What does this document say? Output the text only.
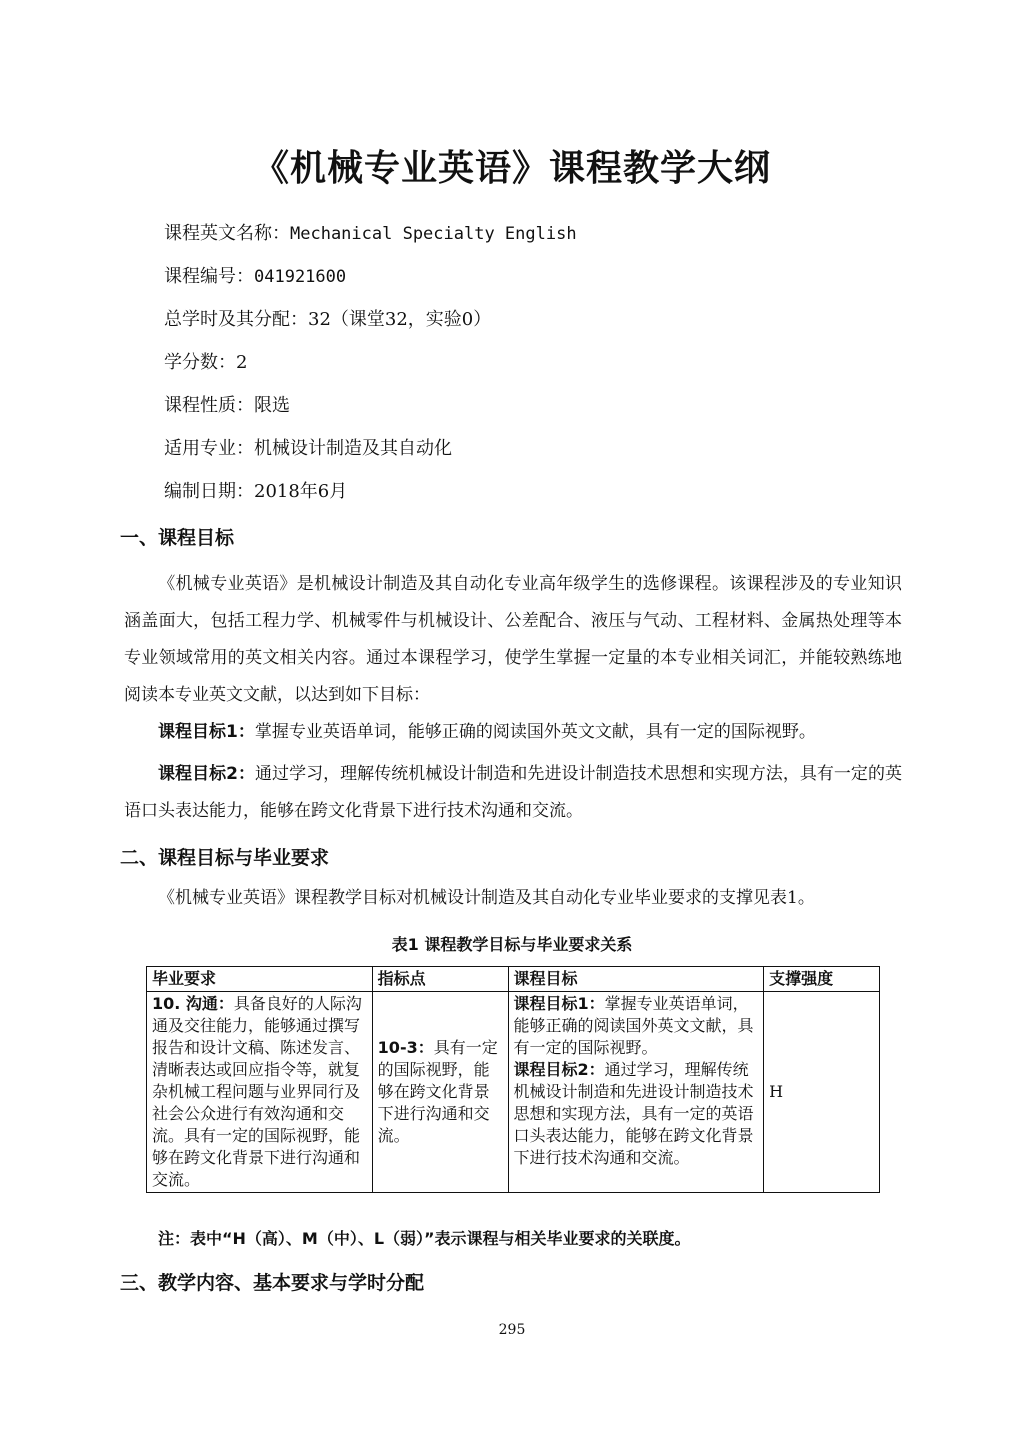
《机械专业英语》课程教学大纲
课程英文名称：Mechanical Specialty English
课程编号：041921600
总学时及其分配：32（课堂32，实验0）
学分数：2
课程性质：限选
适用专业：机械设计制造及其自动化
编制日期：2018年6月
一、课程目标
《机械专业英语》是机械设计制造及其自动化专业高年级学生的选修课程。该课程涉及的专业知识涵盖面大，包括工程力学、机械零件与机械设计、公差配合、液压与气动、工程材料、金属热处理等本专业领域常用的英文相关内容。通过本课程学习，使学生掌握一定量的本专业相关词汇，并能较熟练地阅读本专业英文文献，以达到如下目标：
课程目标1：掌握专业英语单词，能够正确的阅读国外英文文献，具有一定的国际视野。
课程目标2：通过学习，理解传统机械设计制造和先进设计制造技术思想和实现方法，具有一定的英语口头表达能力，能够在跨文化背景下进行技术沟通和交流。
二、课程目标与毕业要求
《机械专业英语》课程教学目标对机械设计制造及其自动化专业毕业要求的支撑见表1。
表1 课程教学目标与毕业要求关系
毕业要求	指标点	课程目标	支撑强度
10. 沟通：具备良好的人际沟通及交往能力，能够通过撰写报告和设计文稿、陈述发言、清晰表达或回应指令等，就复杂机械工程问题与业界同行及社会公众进行有效沟通和交流。具有一定的国际视野，能够在跨文化背景下进行沟通和交流。	10-3：具有一定的国际视野，能够在跨文化背景下进行沟通和交流。	课程目标1：掌握专业英语单词，能够正确的阅读国外英文文献，具有一定的国际视野。
课程目标2：通过学习，理解传统机械设计制造和先进设计制造技术思想和实现方法，具有一定的英语口头表达能力，能够在跨文化背景下进行技术沟通和交流。	H
注：表中“H（高）、M（中）、L（弱）”表示课程与相关毕业要求的关联度。
三、教学内容、基本要求与学时分配
295
